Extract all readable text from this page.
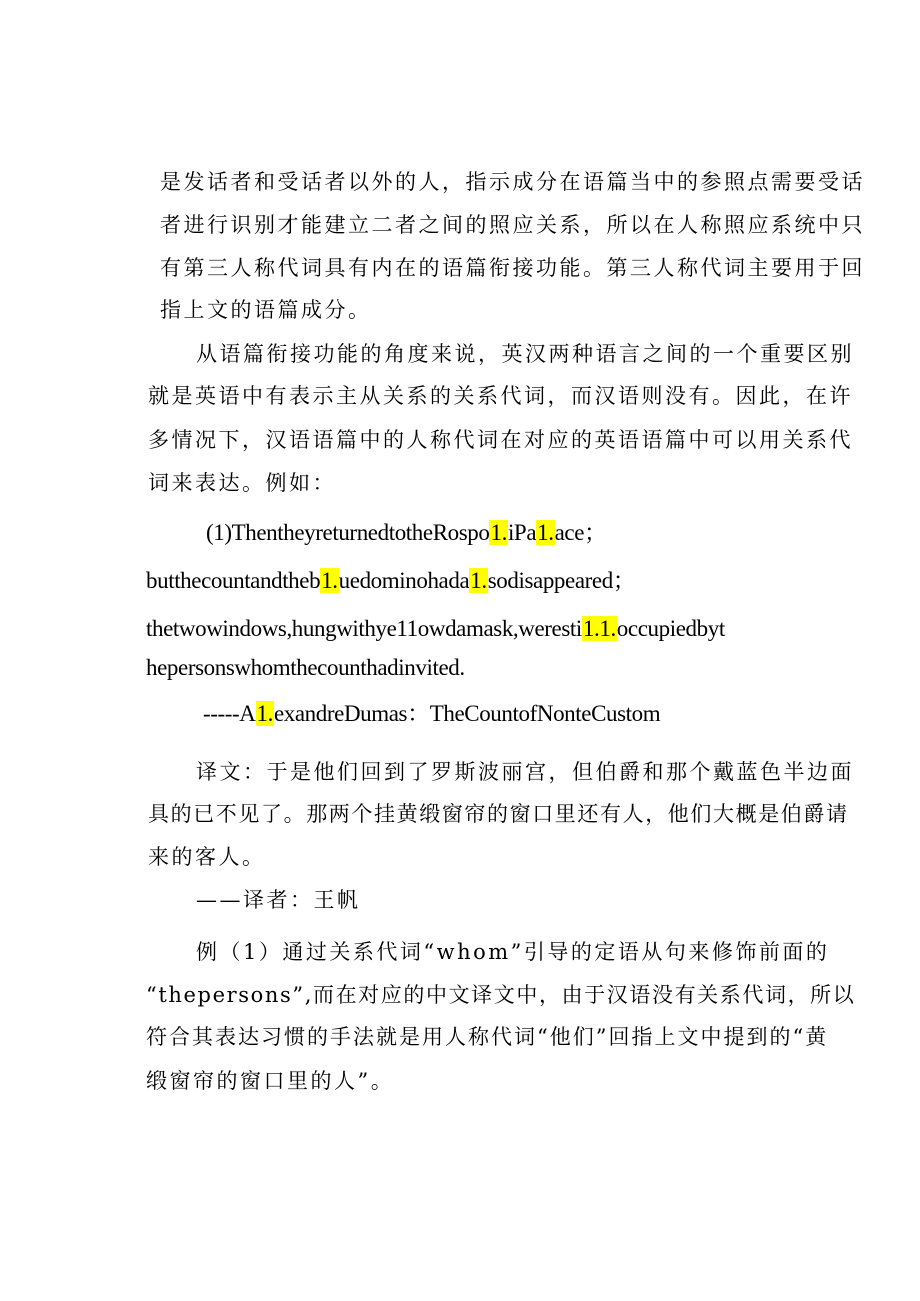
是发话者和受话者以外的人，指示成分在语篇当中的参照点需要受话
者进行识别才能建立二者之间的照应关系，所以在人称照应系统中只
有第三人称代词具有内在的语篇衔接功能。第三人称代词主要用于回
指上文的语篇成分。
从语篇衔接功能的角度来说，英汉两种语言之间的一个重要区别
就是英语中有表示主从关系的关系代词，而汉语则没有。因此，在许
多情况下，汉语语篇中的人称代词在对应的英语语篇中可以用关系代
词来表达。例如：
(1)ThentheyreturnedtotheRospo1.iPa1.ace；
butthecountandtheb1.uedominohada1.sodisappeared；
thetwowindows,hungwithye11owdamask,weresti1.1.occupiedbyt
hepersonswhomthecounthadinvited.
-----A1.exandreDumas：TheCountofNonteCustom
译文：于是他们回到了罗斯波丽宫，但伯爵和那个戴蓝色半边面
具的已不见了。那两个挂黄缎窗帘的窗口里还有人，他们大概是伯爵请
来的客人。
——译者：王帆
例（1）通过关系代词“whom”引导的定语从句来修饰前面的
“thepersons”,而在对应的中文译文中，由于汉语没有关系代词，所以
符合其表达习惯的手法就是用人称代词“他们”回指上文中提到的“黄
缎窗帘的窗口里的人”。
